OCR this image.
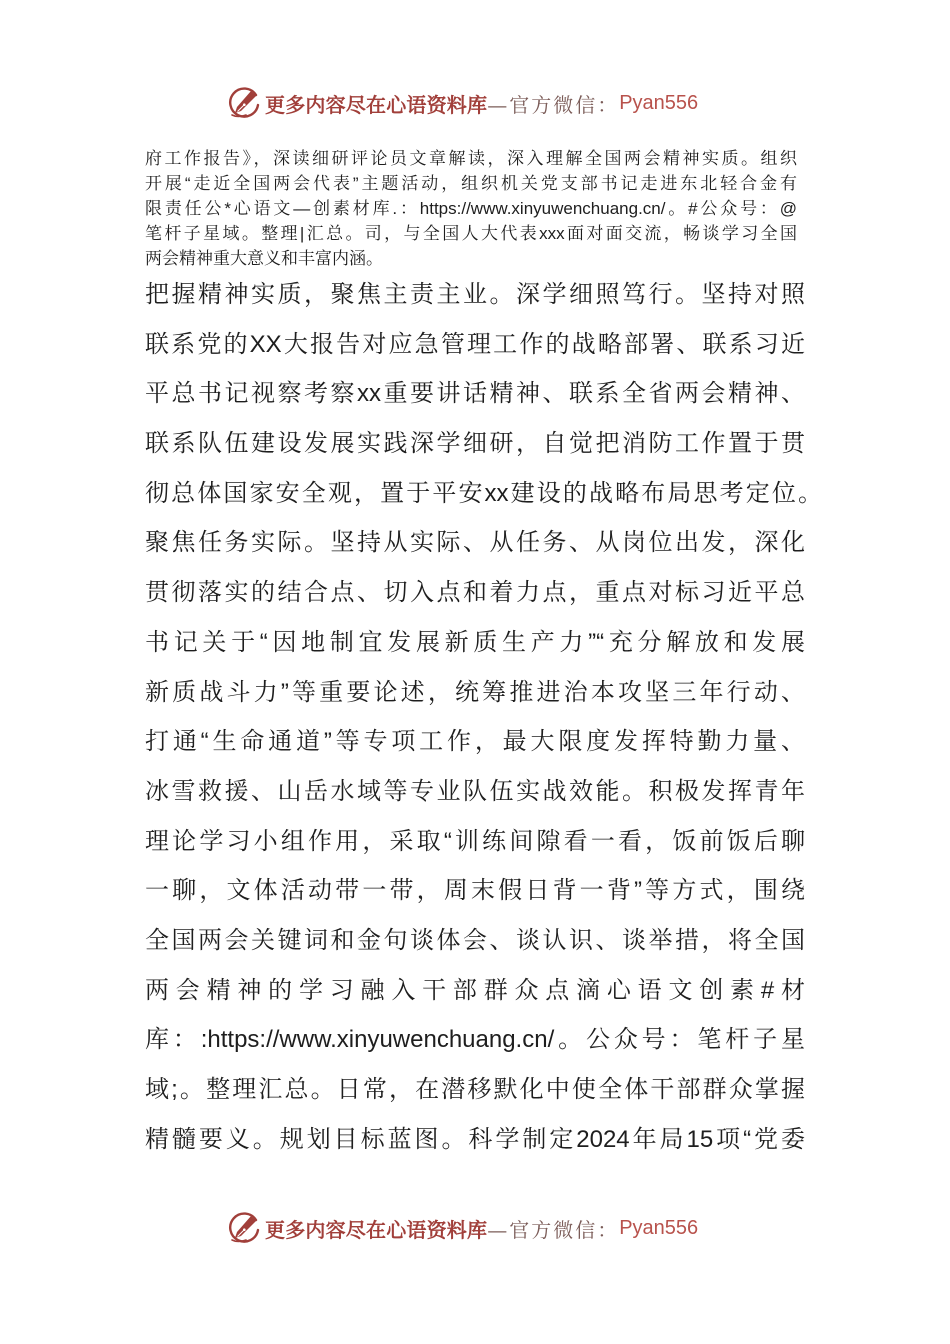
更多内容尽在心语资料库 —官方微信： Pyan556
府工作报告》，深读细研评论员文章解读，深入理解全国两会精神实质。组织
开展“走近全国两会代表”主题活动，组织机关党支部书记走进东北轻合金有
限责任公*心语文—创素材库.：https://www.xinyuwenchuang.cn/。#公众号：@
笔杆子星域。整理|汇总。司，与全国人大代表xxx面对面交流，畅谈学习全国
两会精神重大意义和丰富内涵。
把握精神实质，聚焦主责主业。深学细照笃行。坚持对照
联系党的XX大报告对应急管理工作的战略部署、联系习近
平总书记视察考察xx重要讲话精神、联系全省两会精神、
联系队伍建设发展实践深学细研，自觉把消防工作置于贯
彻总体国家安全观，置于平安xx建设的战略布局思考定位。
聚焦任务实际。坚持从实际、从任务、从岗位出发，深化
贯彻落实的结合点、切入点和着力点，重点对标习近平总
书记关于“因地制宜发展新质生产力”“充分解放和发展
新质战斗力”等重要论述，统筹推进治本攻坚三年行动、
打通“生命通道”等专项工作，最大限度发挥特勤力量、
冰雪救援、山岳水域等专业队伍实战效能。积极发挥青年
理论学习小组作用，采取“训练间隙看一看，饭前饭后聊
一聊，文体活动带一带，周末假日背一背”等方式，围绕
全国两会关键词和金句谈体会、谈认识、谈举措，将全国
两会精神的学习融入干部群众点滴心语文创素#材
库：:https://www.xinyuwenchuang.cn/。公众号：笔杆子星
域;。整理汇总。日常，在潜移默化中使全体干部群众掌握
精髓要义。规划目标蓝图。科学制定2024年局15项“党委
更多内容尽在心语资料库 —官方微信： Pyan556
